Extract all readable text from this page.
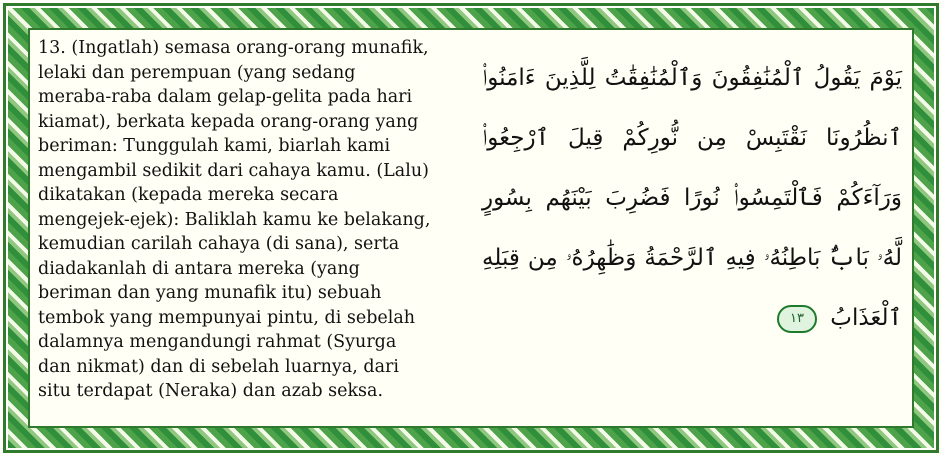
13. (Ingatlah) semasa orang-orang munafik,
lelaki dan perempuan (yang sedang
meraba-raba dalam gelap-gelita pada hari
kiamat), berkata kepada orang-orang yang
beriman: Tunggulah kami, biarlah kami
mengambil sedikit dari cahaya kamu. (Lalu)
dikatakan (kepada mereka secara
mengejek-ejek): Baliklah kamu ke belakang,
kemudian carilah cahaya (di sana), serta
diadakanlah di antara mereka (yang
beriman dan yang munafik itu) sebuah
tembok yang mempunyai pintu, di sebelah
dalamnya mengandungi rahmat (Syurga
dan nikmat) dan di sebelah luarnya, dari
situ terdapat (Neraka) dan azab seksa.

يَوْمَ يَقُولُ ٱلْمُنَٰفِقُونَ وَٱلْمُنَٰفِقَٰتُ لِلَّذِينَ ءَامَنُوا۟ ٱنظُرُونَا نَقْتَبِسْ مِن نُّورِكُمْ قِيلَ ٱرْجِعُوا۟ وَرَآءَكُمْ فَٱلْتَمِسُوا۟ نُورًا فَضُرِبَ بَيْنَهُم بِسُورٍ لَّهُۥ بَابٌۢ بَاطِنُهُۥ فِيهِ ٱلرَّحْمَةُ وَظَٰهِرُهُۥ مِن قِبَلِهِ ٱلْعَذَابُ ١٣
